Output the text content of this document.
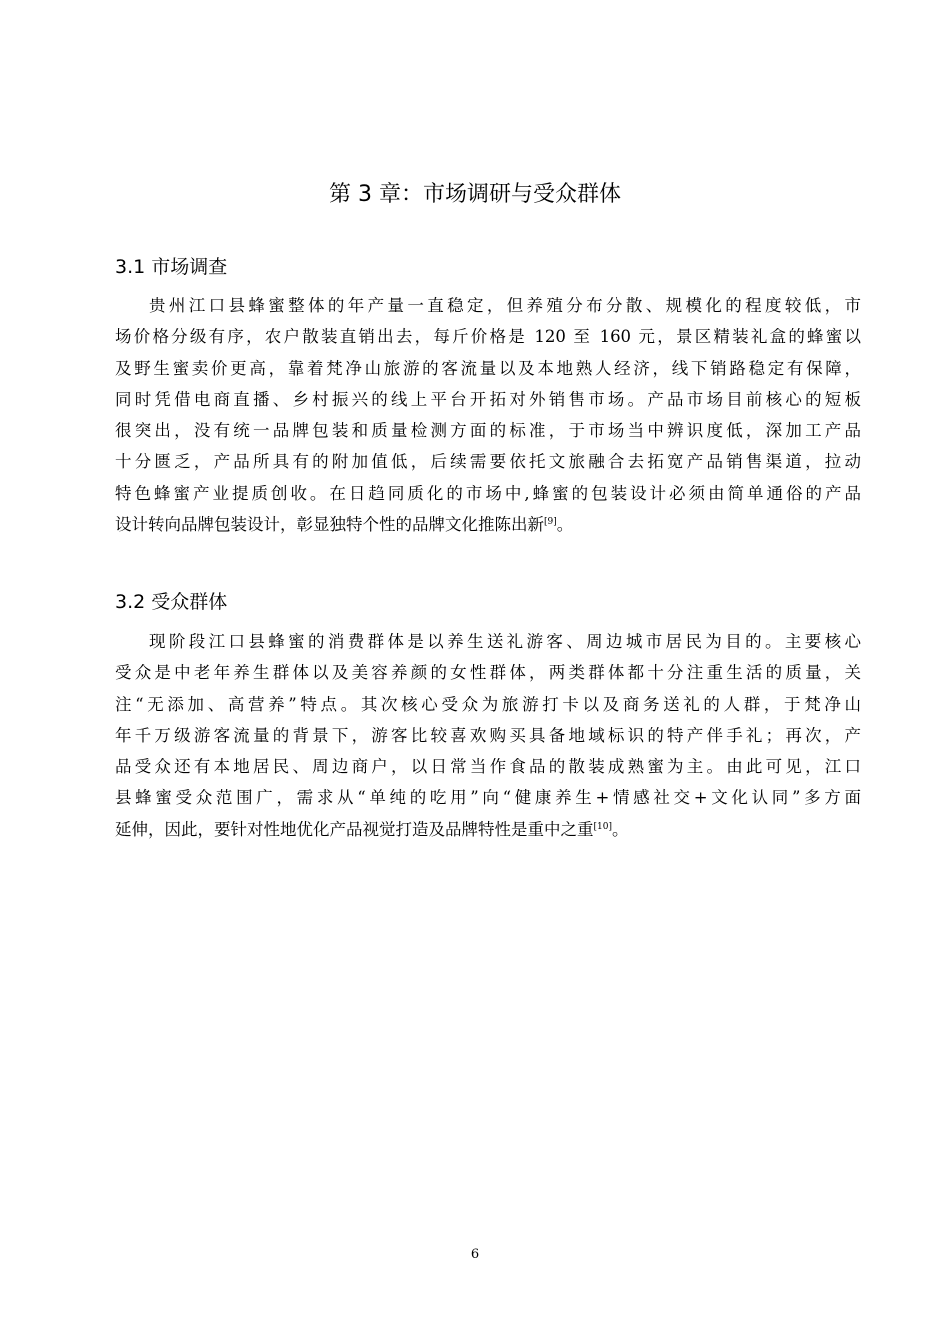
第 3 章：市场调研与受众群体
3.1 市场调查
贵州江口县蜂蜜整体的年产量一直稳定，但养殖分布分散、规模化的程度较低，市
场价格分级有序，农户散装直销出去，每斤价格是 120 至 160 元，景区精装礼盒的蜂蜜以
及野生蜜卖价更高，靠着梵净山旅游的客流量以及本地熟人经济，线下销路稳定有保障，
同时凭借电商直播、乡村振兴的线上平台开拓对外销售市场。产品市场目前核心的短板
很突出，没有统一品牌包装和质量检测方面的标准，于市场当中辨识度低，深加工产品
十分匮乏，产品所具有的附加值低，后续需要依托文旅融合去拓宽产品销售渠道，拉动
特色蜂蜜产业提质创收。在日趋同质化的市场中,蜂蜜的包装设计必须由简单通俗的产品
设计转向品牌包装设计，彰显独特个性的品牌文化推陈出新[9]。
3.2 受众群体
现阶段江口县蜂蜜的消费群体是以养生送礼游客、周边城市居民为目的。主要核心
受众是中老年养生群体以及美容养颜的女性群体，两类群体都十分注重生活的质量，关
注“无添加、高营养”特点。其次核心受众为旅游打卡以及商务送礼的人群，于梵净山
年千万级游客流量的背景下，游客比较喜欢购买具备地域标识的特产伴手礼；再次，产
品受众还有本地居民、周边商户，以日常当作食品的散装成熟蜜为主。由此可见，江口
县蜂蜜受众范围广，需求从“单纯的吃用”向“健康养生+情感社交+文化认同”多方面
延伸，因此，要针对性地优化产品视觉打造及品牌特性是重中之重[10]。
6
